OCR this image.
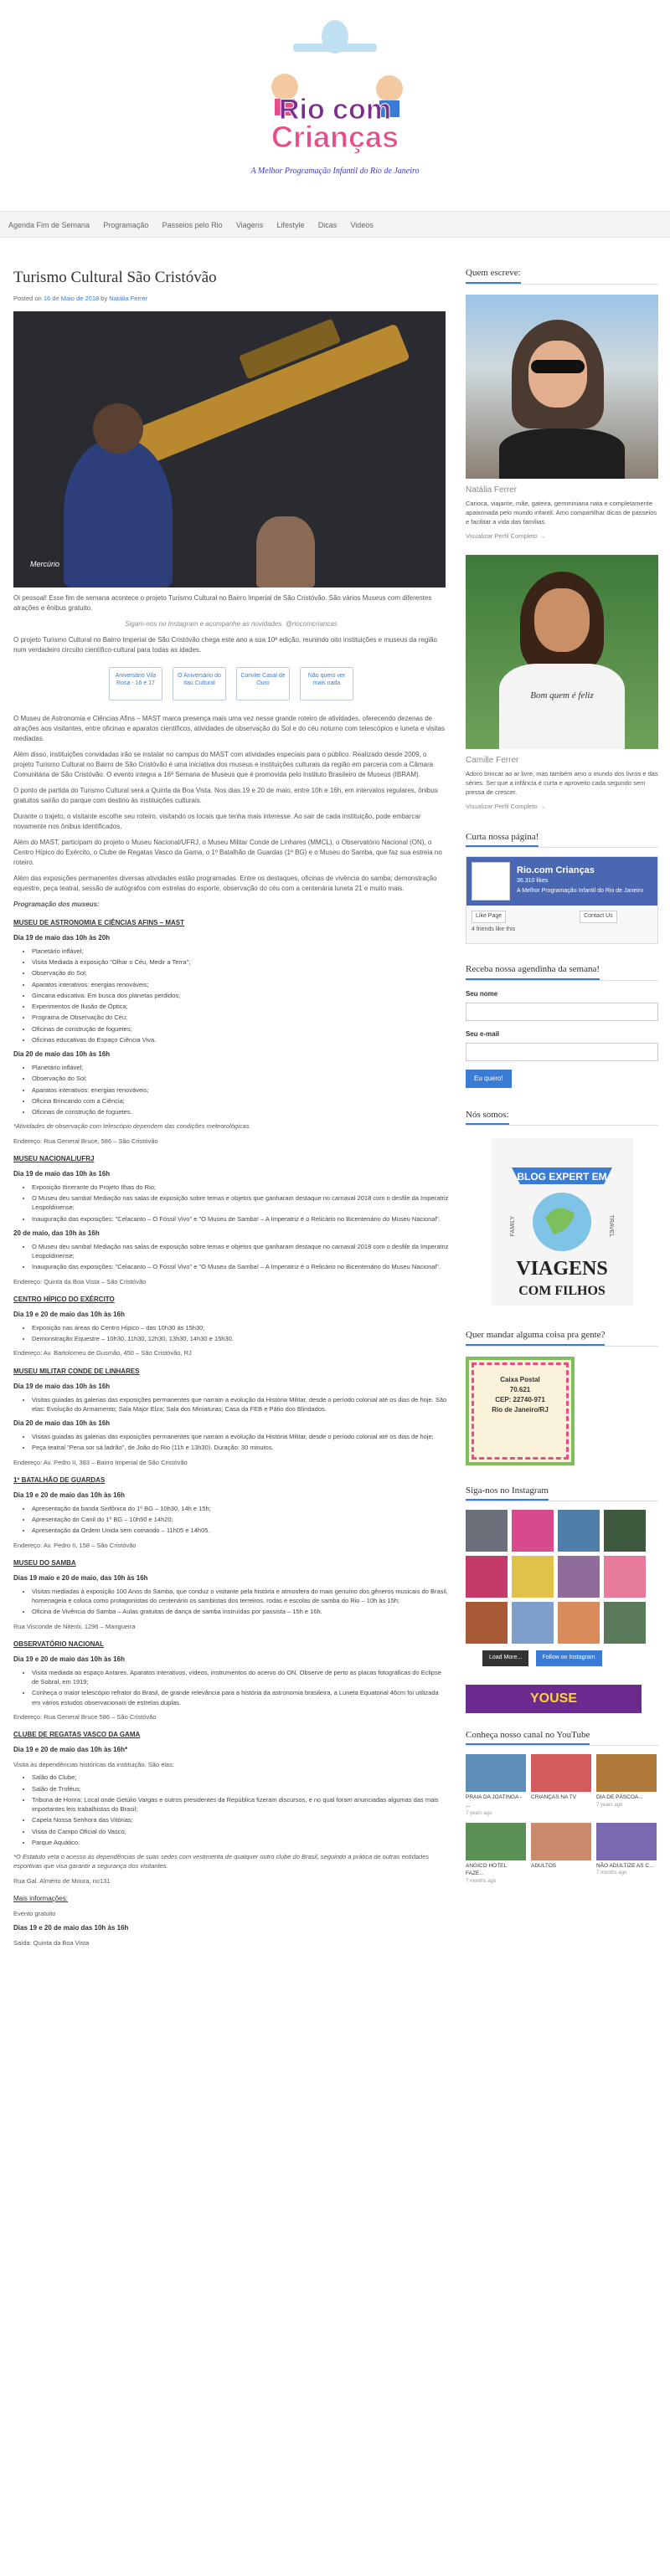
Rio com
Crianças
A Melhor Programação Infantil do Rio de Janeiro
Agenda Fim de Semana Programação Passeios pelo Rio Viagens Lifestyle Dicas Videos
Turismo Cultural São Cristóvão
Posted on 16 de Maio de 2018 by Natália Ferrer
Mercúrio

Oi pessoal! Esse fim de semana acontece o projeto Turismo Cultural no Bairro Imperial de São Cristóvão. São vários Museus com diferentes atrações e ênibus gratuito.

Sigam-nos no Instagram e acompanhe as novidades. @riocomcriancas

O projeto Turismo Cultural no Bairro Imperial de São Cristóvão chega este ano a sua 10ª edição, reunindo oito instituições e museus da região num verdadeiro circuito científico-cultural para todas as idades.

Aniversário Vila Rosa - 16 e 17
O Aniversário do Itaú Cultural
Convite Casal de Ouro
Não quero ver mais nada

O Museu de Astronomia e Ciências Afins – MAST marca presença mais uma vez nesse grande roteiro de atividades, oferecendo dezenas de atrações aos visitantes, entre oficinas e aparatos científicos, atividades de observação do Sol e do céu noturno com telescópios e luneta e visitas mediadas.

Além disso, instituições convidadas irão se instalar no campus do MAST com atividades especiais para o público. Realizado desde 2009, o projeto Turismo Cultural no Bairro de São Cristóvão é uma iniciativa dos museus e instituições culturais da região em parceria com a Câmara Comunitária de São Cristóvão. O evento integra a 16ª Semana de Museus que é promovida pelo Instituto Brasileiro de Museus (IBRAM).

O ponto de partida do Turismo Cultural será a Quinta da Boa Vista. Nos dias 19 e 20 de maio, entre 10h e 16h, em intervalos regulares, ônibus gratuitos sairão do parque com destino às instituições culturais.

Durante o trajeto, o visitante escolhe seu roteiro, visitando os locais que tenha mais interesse. Ao sair de cada instituição, pode embarcar novamente nos ônibus identificados.

Além do MAST, participam do projeto o Museu Nacional/UFRJ, o Museu Militar Conde de Linhares (MMCL), o Observatório Nacional (ON), o Centro Hípico do Exército, o Clube de Regatas Vasco da Gama, o 1º Batalhão de Guardas (1º BG) e o Museu do Samba, que faz sua estreia no roteiro.

Além das exposições permanentes diversas atividades estão programadas. Entre os destaques, oficinas de vivência do samba; demonstração equestre, peça teatral, sessão de autógrafos com estrelas do esporte, observação do céu com a centenária luneta 21 e muito mais.

Programação dos museus:

MUSEU DE ASTRONOMIA E CIÊNCIAS AFINS – MAST
Dia 19 de maio das 10h às 20h
• Planetário inflável;
• Visita Mediada à exposição "Olhar o Céu, Medir a Terra";
• Observação do Sol;
• Aparatos interativos: energias renováveis;
• Gincana educativa: Em busca dos planetas perdidos;
• Experimentos de Ilusão de Óptica;
• Programa de Observação do Céu;
• Oficinas de construção de foguetes;
• Oficinas educativas do Espaço Ciência Viva.
Dia 20 de maio das 10h às 16h
• Planetário inflável;
• Observação do Sol;
• Aparatos interativos: energias renováveis;
• Oficina Brincando com a Ciência;
• Oficinas de construção de foguetes.
*Atividades de observação com telescópio dependem das condições meteorológicas.
Endereço: Rua General Bruce, 586 – São Cristóvão
MUSEU NACIONAL/UFRJ
Dia 19 de maio das 10h às 16h
• Exposição Itinerante do Projeto Ilhas do Rio;
• O Museu deu samba! Mediação nas salas de exposição sobre temas e objetos que ganharam destaque no carnaval 2018 com o desfile da Imperatriz Leopoldinense;
• Inauguração das exposições: "Celacanto – O Fóssil Vivo" e "O Museu de Samba! – A Imperatriz é o Relicário no Bicentenário do Museu Nacional".
20 de maio, das 10h às 16h
• O Museu deu samba! Mediação nas salas de exposição sobre temas e objetos que ganharam destaque no carnaval 2018 com o desfile da Imperatriz Leopoldinense;
• Inauguração das exposições: "Celacanto – O Fóssil Vivo" e "O Museu da Samba! – A Imperatriz é o Relicário no Bicentenário do Museu Nacional".
Endereço: Quinta da Boa Vista – São Cristóvão
CENTRO HÍPICO DO EXÉRCITO
Dia 19 e 20 de maio das 10h às 16h
• Exposição nas áreas do Centro Hípico – das 10h30 às 15h30;
• Demonstração Equestre – 10h30, 11h30, 12h30, 13h30, 14h30 e 15h30.
Endereço: Av. Bartolomeu de Gusmão, 450 – São Cristóvão, RJ
MUSEU MILITAR CONDE DE LINHARES
Dia 19 de maio das 10h às 16h
• Visitas guiadas às galerias das exposições permanentes que narram a evolução da História Militar, desde o período colonial até os dias de hoje. São elas: Evolução do Armamento; Sala Major Elza; Sala dos Miniaturas; Casa da FEB e Pátio dos Blindados.
Dia 20 de maio das 10h às 16h
• Visitas guiadas às galerias das exposições permanentes que narram a evolução da História Militar, desde o período colonial até os dias de hoje;
• Peça teatral "Pena sor sá ladrão", de João do Rio (11h e 13h30). Duração: 30 minutos.
Endereço: Av. Pedro II, 383 – Bairro Imperial de São Cristóvão
1º BATALHÃO DE GUARDAS
Dia 19 e 20 de maio das 10h às 16h
• Apresentação da banda Sinfônica do 1º BG – 10h30, 14h e 15h;
• Apresentação do Canil do 1º BG – 10h50 e 14h20;
• Apresentação da Ordem Unida sem comando – 11h05 e 14h05.
Endereço: Av. Pedro II, 158 – São Cristóvão
MUSEU DO SAMBA
Dias 19 maio e 20 de maio, das 10h às 16h
• Visitas mediadas à exposição 100 Anos do Samba, que conduz o visitante pela história e atmosfera do mais genuíno dos gêneros musicais do Brasil, homenageia e coloca como protagonistas do centenário os sambistas dos terreiros, rodas e escolas de samba do Rio – 10h às 15h;
• Oficina de Vivência do Samba – Aulas gratuitas de dança de samba instruídas por passista – 15h e 16h.
Rua Visconde de Niterói, 1296 – Mangueira
OBSERVATÓRIO NACIONAL
Dia 19 e 20 de maio das 10h às 16h
• Visita mediada ao espaço Antares. Aparatos interativos, vídeos, instrumentos do acervo do ON. Observe de perto as placas fotográficas do Eclipse de Sobral, em 1919;
• Conheça o maior telescópio refrator do Brasil, de grande relevância para a história da astronomia brasileira, a Luneta Equatorial 46cm foi utilizada em vários estudos observacionais de estrelas duplas.
Endereço: Rua General Bruce 586 – São Cristóvão
CLUBE DE REGATAS VASCO DA GAMA
Dia 19 e 20 de maio das 10h às 16h*
Visita às dependências históricas da instituição. São elas:
• Salão do Clube;
• Salão de Troféus;
• Tribuna de Honra: Local onde Getúlio Vargas e outros presidentes da República fizeram discursos, e no qual foram anunciadas algumas das mais importantes leis trabalhistas do Brasil;
• Capela Nossa Senhora das Vitórias;
• Visita do Campo Oficial do Vasco;
• Parque Aquático.
*O Estatuto veta o acesso às dependências de suas sedes com vestimenta de qualquer outro clube do Brasil, seguindo a prática de outras entidades esportivas que visa garantir a segurança dos visitantes.
Rua Gal. Almério de Moura, no131
Mais informações:
Evento gratuito
Dias 19 e 20 de maio das 10h às 16h
Saída: Quinta da Boa Vista
Quem escreve:
Natália Ferrer
Carioca, viajante, mãe, gateira, gemminiana nata e completamente apaixonada pelo mundo infantil. Amo compartilhar dicas de passeios e facilitar a vida das famílias.
Visualizar Perfil Completo →
Bom quem é feliz
Camille Ferrer
Adoro brincar ao ar livre, mas também amo o mundo dos livros e das séries. Ser que a infância é curta e aproveito cada segundo sem pressa de crescer.
Visualizar Perfil Completo →
Curta nossa página!
Rio.com Crianças
36.310 likes
A Melhor Programação Infantil do Rio de Janeiro
Like Page	Contact Us
4 friends like this
Receba nossa agendinha da semana!
Seu nome
Seu e-mail
Eu quero!
Nós somos:
BLOG EXPERT EM
FAMILY	TRAVEL
VIAGENS
COM FILHOS
Quer mandar alguma coisa pra gente?
Caixa Postal
70.621
CEP: 22740-971
Rio de Janeiro/RJ
Siga-nos no Instagram
Load More...	Follow on Instagram
YOUSE
Conheça nosso canal no YouTube
PRAIA DA JOATINGA - ...
7 years ago
CRIANÇAS NA TV	DIA DE PÁSCOA...
7 years ago
ANGICO HOTEL FAZE...
7 months ago
ADULTOS	NÃO ADULTIZE AS C...
7 months ago
